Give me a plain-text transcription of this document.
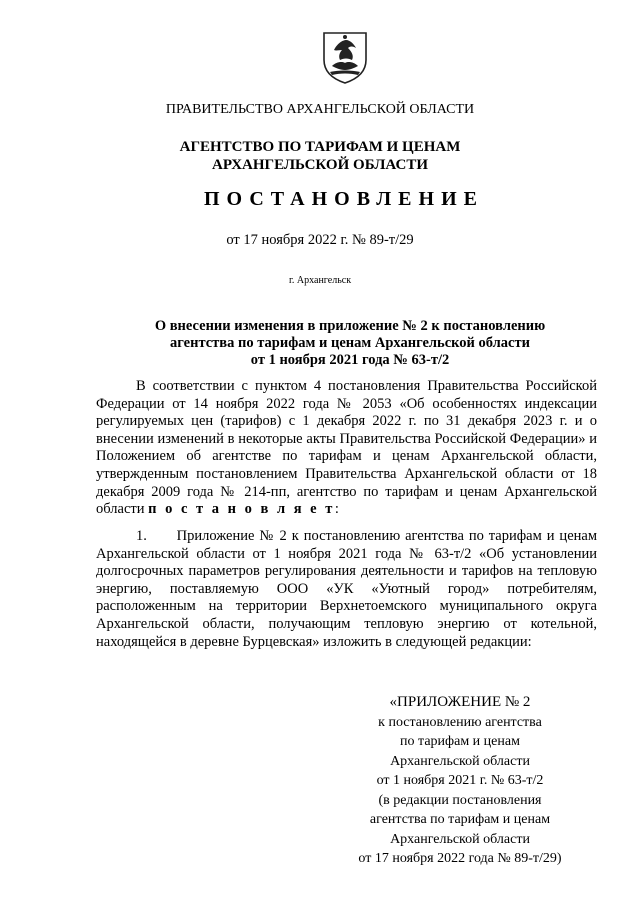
ПРАВИТЕЛЬСТВО АРХАНГЕЛЬСКОЙ ОБЛАСТИ
АГЕНТСТВО ПО ТАРИФАМ И ЦЕНАМ
АРХАНГЕЛЬСКОЙ ОБЛАСТИ
ПОСТАНОВЛЕНИЕ
от 17 ноября 2022 г. № 89-т/29
г. Архангельск
О внесении изменения в приложение № 2 к постановлению
агентства по тарифам и ценам Архангельской области
от 1 ноября 2021 года № 63-т/2
В соответствии с пунктом 4 постановления Правительства Российской Федерации от 14 ноября 2022 года № 2053 «Об особенностях индексации регулируемых цен (тарифов) с 1 декабря 2022 г. по 31 декабря 2023 г. и о внесении изменений в некоторые акты Правительства Российской Федерации» и Положением об агентстве по тарифам и ценам Архангельской области, утвержденным постановлением Правительства Архангельской области от 18 декабря 2009 года № 214-пп, агентство по тарифам и ценам Архангельской области п о с т а н о в л я е т:
1.      Приложение № 2 к постановлению агентства по тарифам и ценам Архангельской области от 1 ноября 2021 года № 63-т/2 «Об установлении долгосрочных параметров регулирования деятельности и тарифов на тепловую энергию, поставляемую ООО «УК «Уютный город» потребителям, расположенным на территории Верхнетоемского муниципального округа Архангельской области, получающим тепловую энергию от котельной, находящейся в деревне Бурцевская» изложить в следующей редакции:
«ПРИЛОЖЕНИЕ № 2
к постановлению агентства
по тарифам и ценам
Архангельской области
от 1 ноября 2021 г. № 63-т/2
(в редакции постановления
агентства по тарифам и ценам
Архангельской области
от 17 ноября 2022 года № 89-т/29)
